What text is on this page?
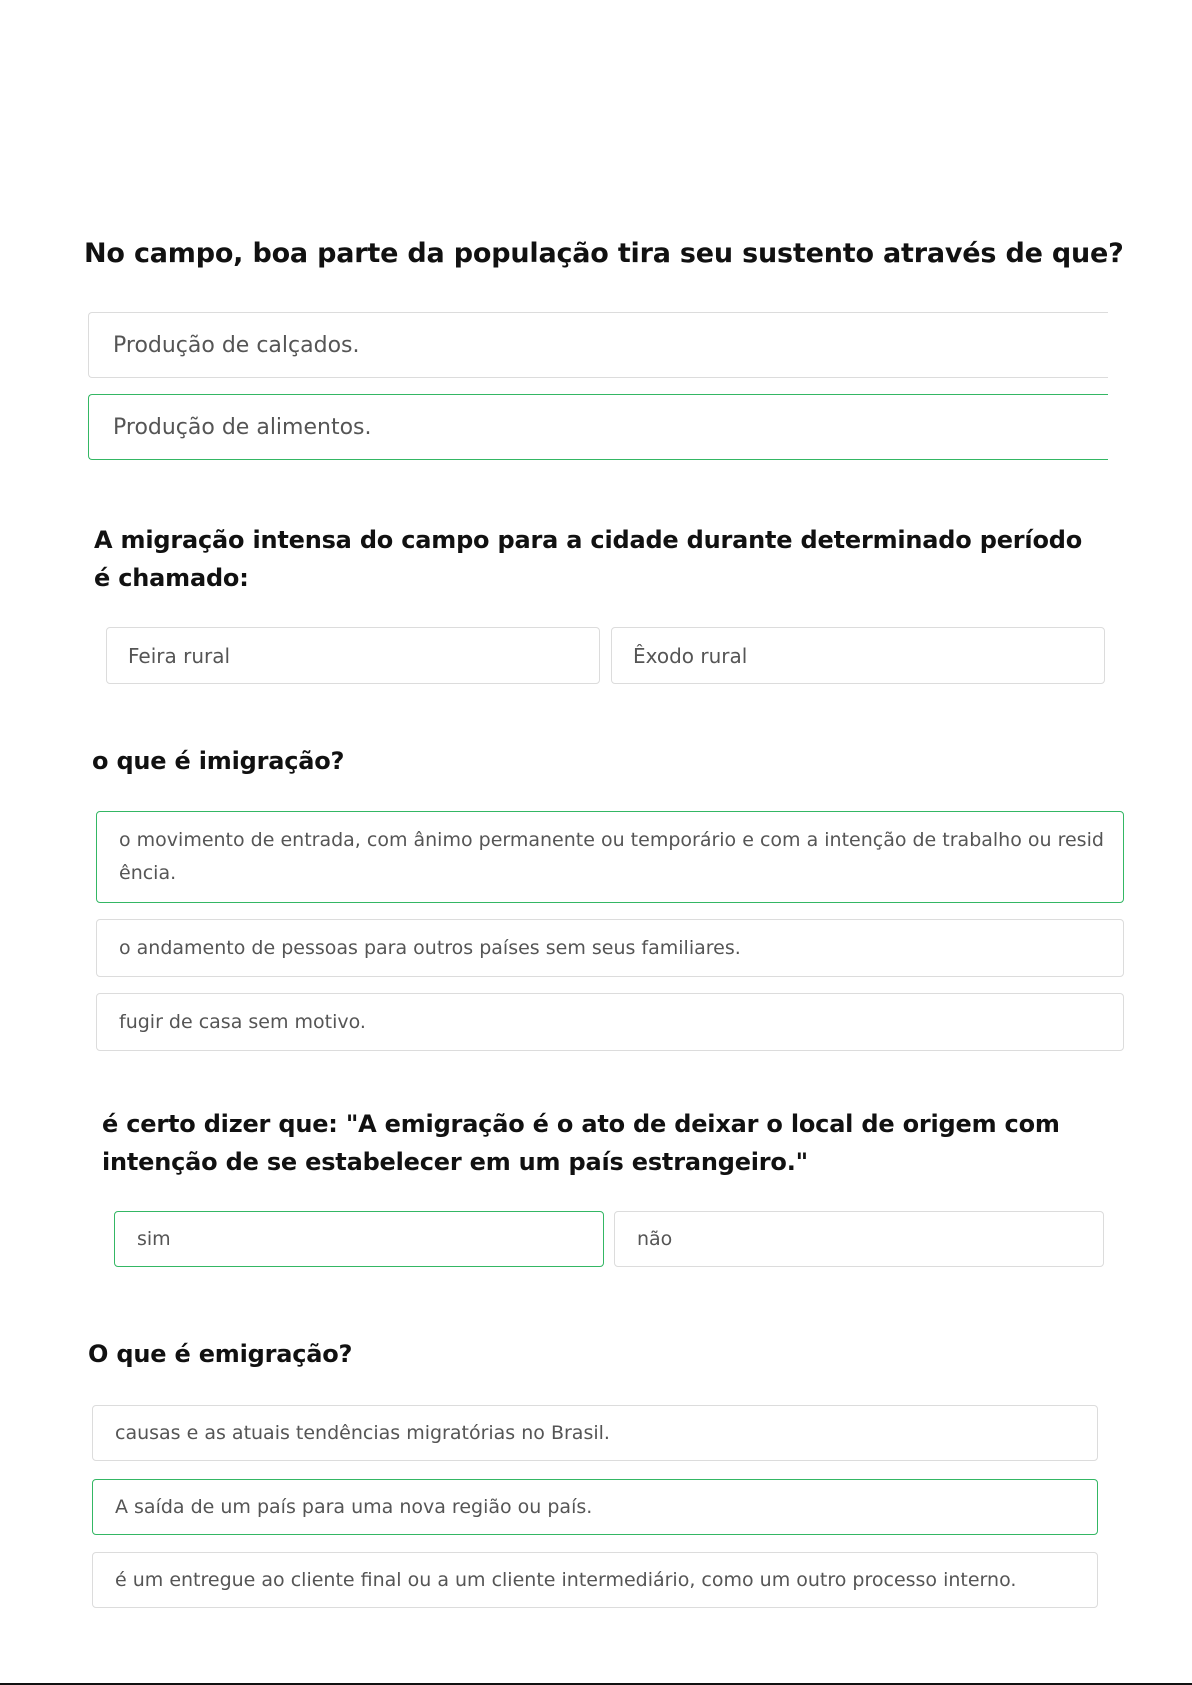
No campo, boa parte da população tira seu sustento através de que?
Produção de calçados.
Produção de alimentos.
A migração intensa do campo para a cidade durante determinado período é chamado:
Feira rural	Êxodo rural
o que é imigração?
o movimento de entrada, com ânimo permanente ou temporário e com a intenção de trabalho ou residência.
o andamento de pessoas para outros países sem seus familiares.
fugir de casa sem motivo.
é certo dizer que: "A emigração é o ato de deixar o local de origem com intenção de se estabelecer em um país estrangeiro."
sim	não
O que é emigração?
causas e as atuais tendências migratórias no Brasil.
A saída de um país para uma nova região ou país.
é um entregue ao cliente final ou a um cliente intermediário, como um outro processo interno.
